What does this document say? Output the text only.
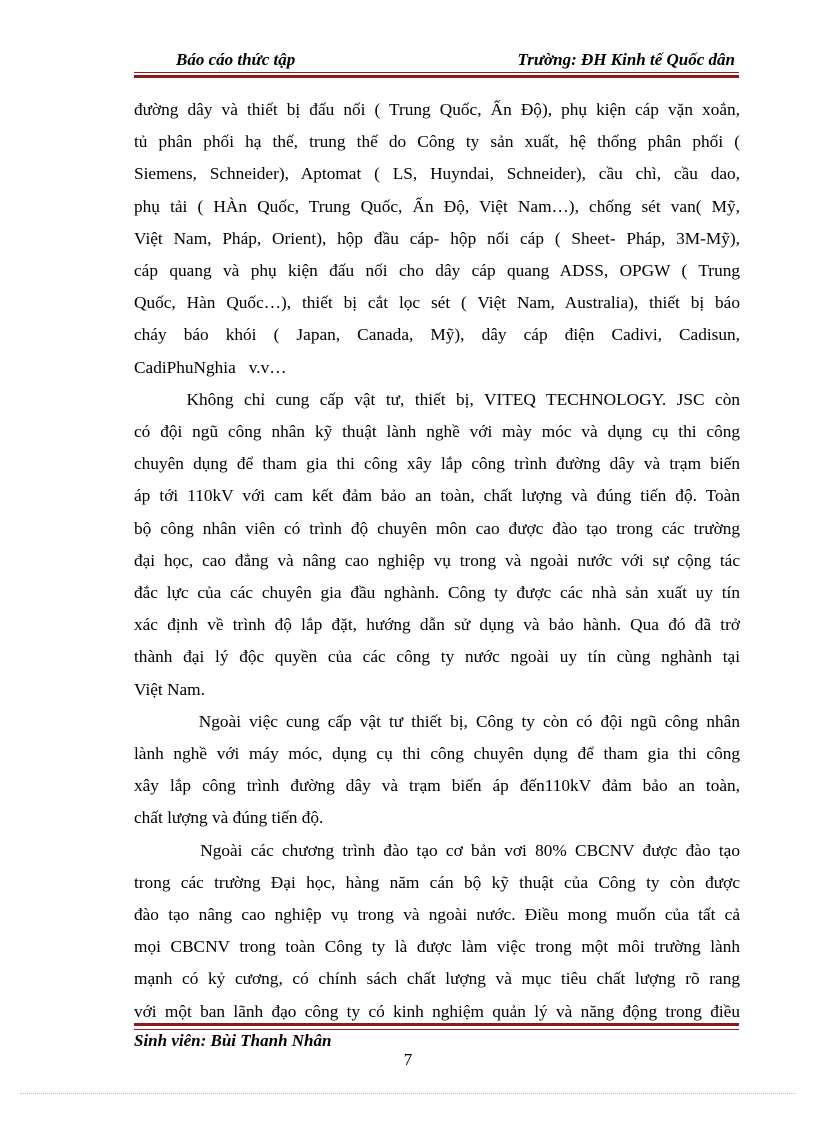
Báo cáo thức tập	Trường: ĐH Kinh tế Quốc dân

đường dây và thiết bị đấu nối ( Trung Quốc, Ấn Độ), phụ kiện cáp vặn xoắn,
tủ phân phối hạ thế, trung thế do Công ty sản xuất, hệ thống phân phối (
Siemens, Schneider), Aptomat ( LS, Huyndai, Schneider), cầu chì, cầu dao,
phụ tải ( HÀn Quốc, Trung Quốc, Ấn Độ, Việt Nam…), chống sét van( Mỹ,
Việt Nam, Pháp, Orient), hộp đầu cáp- hộp nối cáp ( Sheet- Pháp, 3M-Mỹ),
cáp quang và phụ kiện đấu nối cho dây cáp quang ADSS, OPGW ( Trung
Quốc, Hàn Quốc…), thiết bị cắt lọc sét ( Việt Nam, Australia), thiết bị báo
cháy báo khói ( Japan, Canada, Mỹ), dây cáp điện Cadivi, Cadisun,
CadiPhuNghia   v.v…

Không chỉ cung cấp vật tư, thiết bị, VITEQ TECHNOLOGY. JSC còn
có đội ngũ công nhân kỹ thuật lành nghề với mày móc và dụng cụ thi công
chuyên dụng để tham gia thi công xây lắp công trình đường dây và trạm biến
áp tới 110kV với cam kết đảm bảo an toàn, chất lượng và đúng tiến độ. Toàn
bộ công nhân viên có trình độ chuyên môn cao được đào tạo trong các trường
đại học, cao đẳng và nâng cao nghiệp vụ trong và ngoài nước với sự cộng tác
đắc lực của các chuyên gia đầu nghành. Công ty được các nhà sản xuất uy tín
xác định về trình độ lắp đặt, hướng dẫn sử dụng và bảo hành. Qua đó đã trở
thành đại lý độc quyền của các công ty nước ngoài uy tín cùng nghành tại
Việt Nam.

Ngoài việc cung cấp vật tư thiết bị, Công ty còn có đội ngũ công nhân
lành nghề với máy móc, dụng cụ thi công chuyên dụng để tham gia thi công
xây lắp công trình đường dây và trạm biến áp đến110kV đảm bảo an toàn,
chất lượng và đúng tiến độ.

Ngoài các chương trình đào tạo cơ bản vơi 80% CBCNV được đào tạo
trong các trường Đại học, hàng năm cán bộ kỹ thuật của Công ty còn được
đào tạo nâng cao nghiệp vụ trong và ngoài nước. Điều mong muốn của tất cả
mọi CBCNV trong toàn Công ty là được làm việc trong một môi trường lành
mạnh có kỷ cương, có chính sách chất lượng và mục tiêu chất lượng rõ rang
với một ban lãnh đạo công ty có kinh nghiệm quản lý và năng động trong điều

Sinh viên: Bùi Thanh Nhân
7
